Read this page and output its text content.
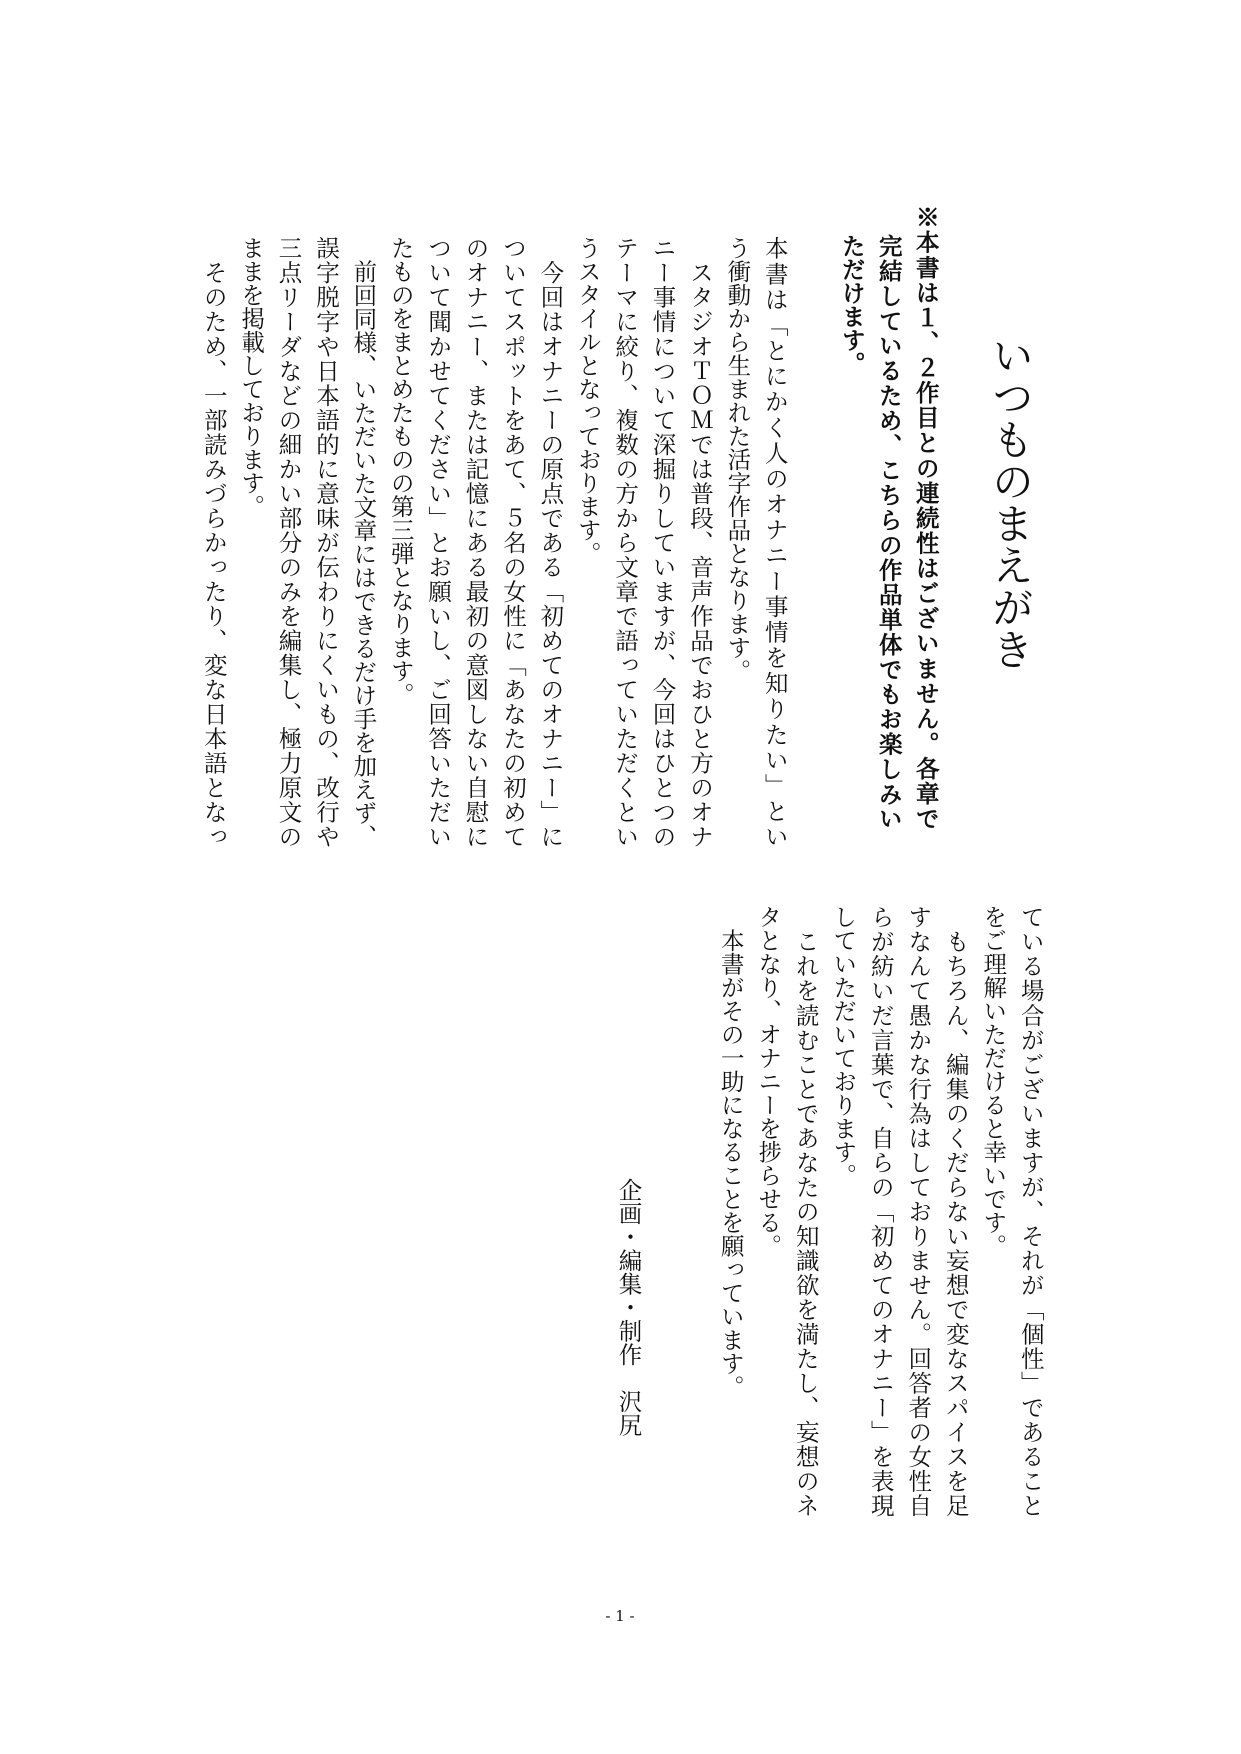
いつものまえがき
※本書は１、２作目との連続性はございません。各章で
完結しているため、こちらの作品単体でもお楽しみい
ただけます。
本書は「とにかく人のオナニー事情を知りたい」とい
う衝動から生まれた活字作品となります。
　スタジオＴＯＭでは普段、音声作品でおひと方のオナ
ニー事情について深掘りしていますが、今回はひとつの
テーマに絞り、複数の方から文章で語っていただくとい
うスタイルとなっております。
　今回はオナニーの原点である「初めてのオナニー」に
ついてスポットをあて、５名の女性に「あなたの初めて
のオナニー、または記憶にある最初の意図しない自慰に
ついて聞かせてください」とお願いし、ご回答いただい
たものをまとめたものの第三弾となります。
　前回同様、いただいた文章にはできるだけ手を加えず、
誤字脱字や日本語的に意味が伝わりにくいもの、改行や
三点リーダなどの細かい部分のみを編集し、極力原文の
ままを掲載しております。
　そのため、一部読みづらかったり、変な日本語となっ
ている場合がございますが、それが「個性」であること
をご理解いただけると幸いです。
　もちろん、編集のくだらない妄想で変なスパイスを足
すなんて愚かな行為はしておりません。回答者の女性自
らが紡いだ言葉で、自らの「初めてのオナニー」を表現
していただいております。
　これを読むことであなたの知識欲を満たし、妄想のネ
タとなり、オナニーを捗らせる。
　本書がその一助になることを願っています。
企画・編集・制作　沢尻
- 1 -
